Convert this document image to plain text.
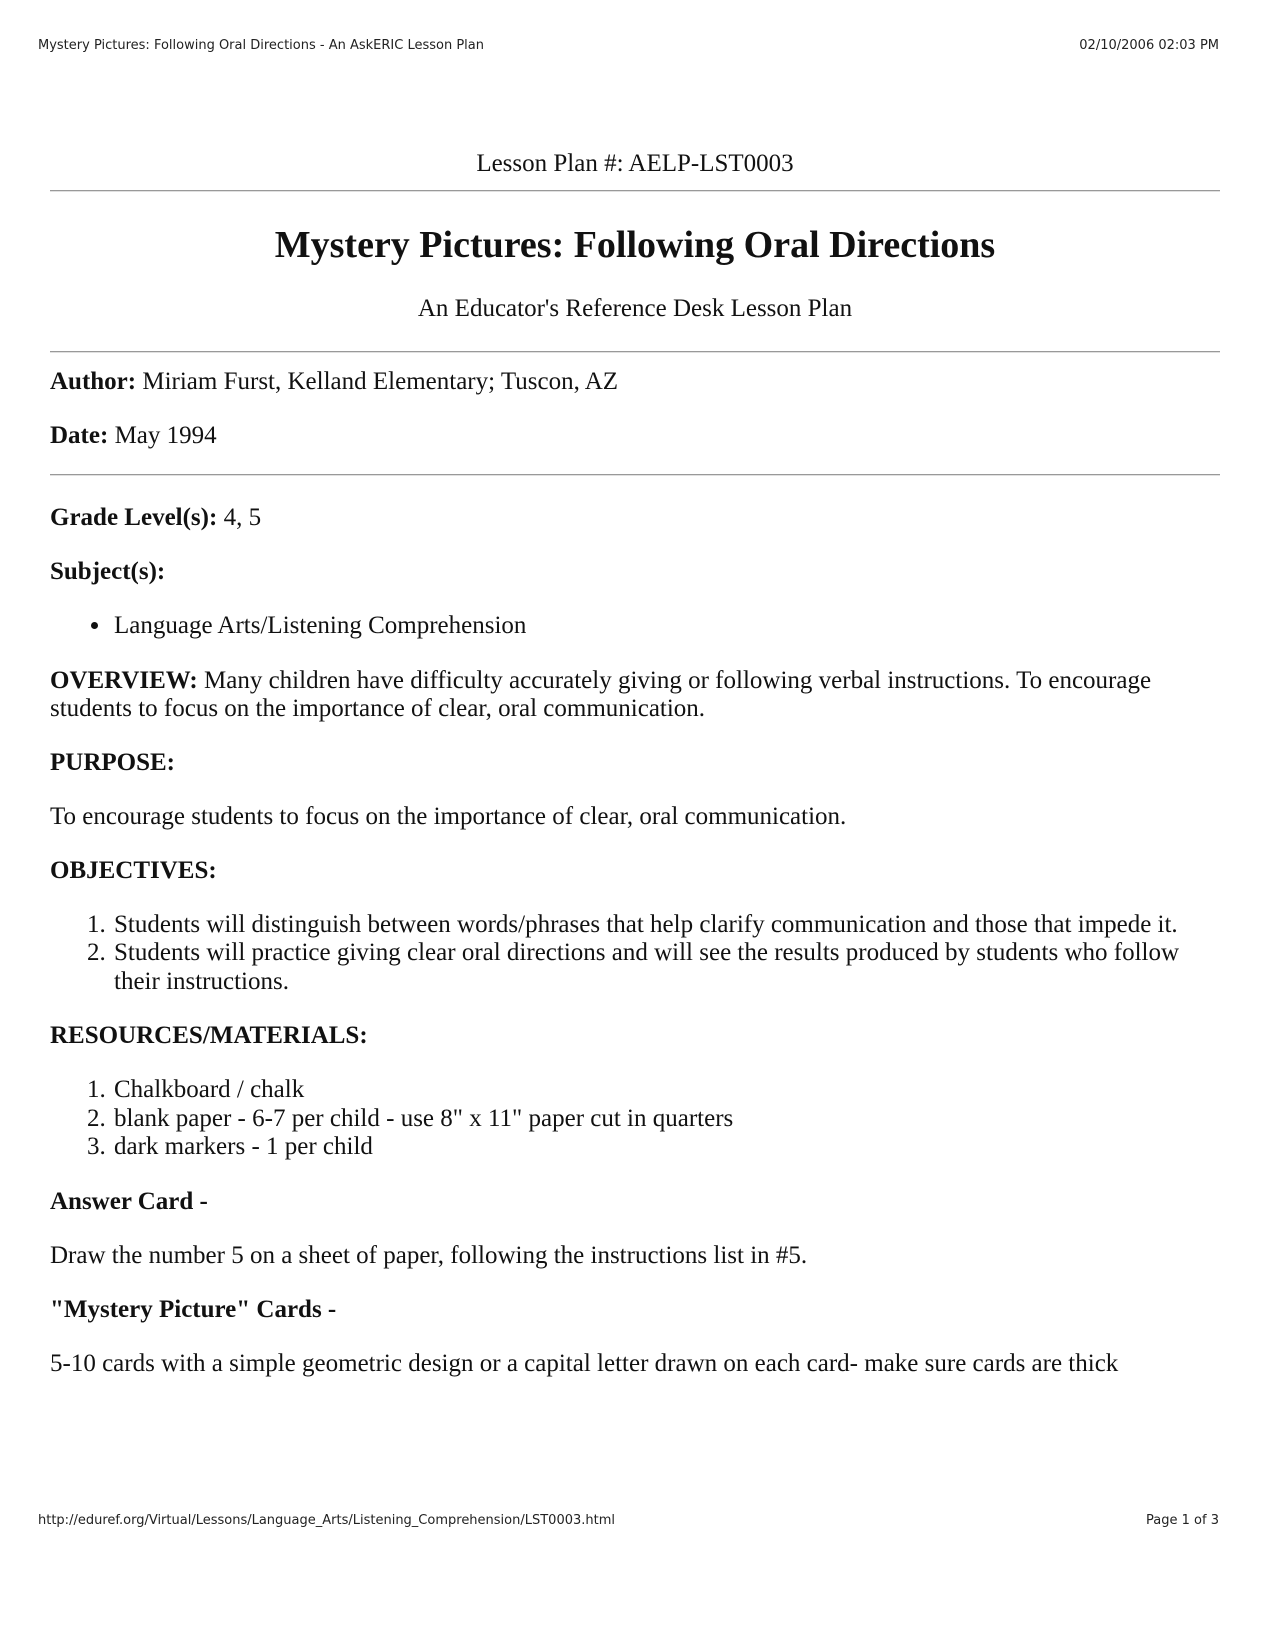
Mystery Pictures: Following Oral Directions - An AskERIC Lesson Plan	02/10/2006 02:03 PM

Lesson Plan #: AELP-LST0003

Mystery Pictures: Following Oral Directions

An Educator's Reference Desk Lesson Plan

Author: Miriam Furst, Kelland Elementary; Tuscon, AZ

Date: May 1994

Grade Level(s): 4, 5

Subject(s):

• Language Arts/Listening Comprehension

OVERVIEW: Many children have difficulty accurately giving or following verbal instructions. To encourage students to focus on the importance of clear, oral communication.

PURPOSE:

To encourage students to focus on the importance of clear, oral communication.

OBJECTIVES:

1. Students will distinguish between words/phrases that help clarify communication and those that impede it.
2. Students will practice giving clear oral directions and will see the results produced by students who follow their instructions.

RESOURCES/MATERIALS:

1. Chalkboard / chalk
2. blank paper - 6-7 per child - use 8" x 11" paper cut in quarters
3. dark markers - 1 per child

Answer Card -

Draw the number 5 on a sheet of paper, following the instructions list in #5.

"Mystery Picture" Cards -

5-10 cards with a simple geometric design or a capital letter drawn on each card- make sure cards are thick

http://eduref.org/Virtual/Lessons/Language_Arts/Listening_Comprehension/LST0003.html	Page 1 of 3
